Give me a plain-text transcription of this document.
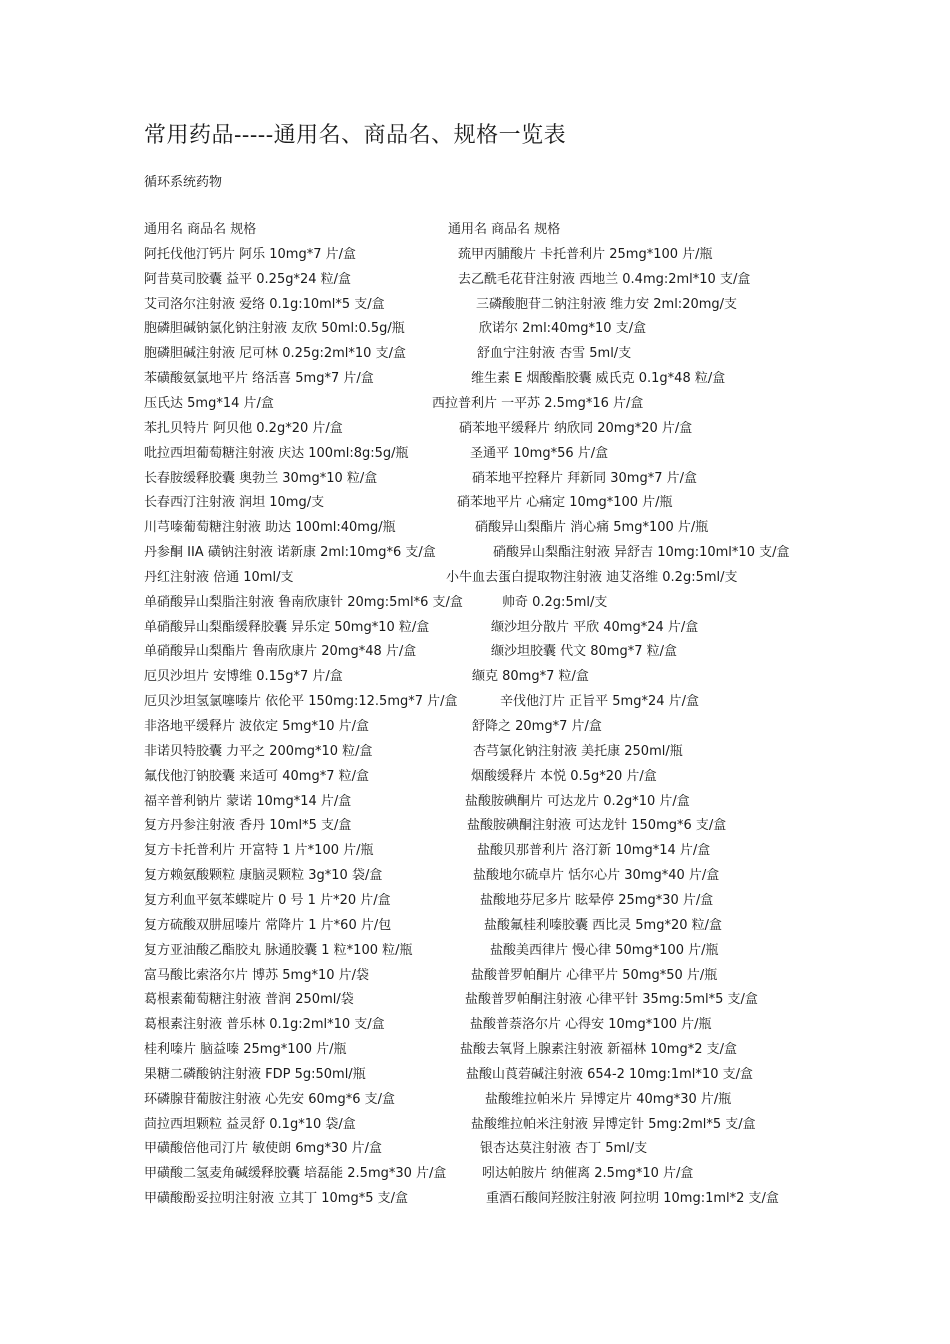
常用药品-----通用名、商品名、规格一览表
循环系统药物
通用名 商品名 规格	通用名 商品名 规格
阿托伐他汀钙片 阿乐 10mg*7 片/盒	巯甲丙脯酸片 卡托普利片 25mg*100 片/瓶
阿昔莫司胶囊 益平 0.25g*24 粒/盒	去乙酰毛花苷注射液 西地兰 0.4mg:2ml*10 支/盒
艾司洛尔注射液 爱络 0.1g:10ml*5 支/盒	三磷酸胞苷二钠注射液 维力安 2ml:20mg/支
胞磷胆碱钠氯化钠注射液 友欣 50ml:0.5g/瓶	欣诺尔 2ml:40mg*10 支/盒
胞磷胆碱注射液 尼可林 0.25g:2ml*10 支/盒	舒血宁注射液 杏雪 5ml/支
苯磺酸氨氯地平片 络活喜 5mg*7 片/盒	维生素 E 烟酸酯胶囊 威氏克 0.1g*48 粒/盒
压氏达 5mg*14 片/盒	西拉普利片 一平苏 2.5mg*16 片/盒
苯扎贝特片 阿贝他 0.2g*20 片/盒	硝苯地平缓释片 纳欣同 20mg*20 片/盒
吡拉西坦葡萄糖注射液 庆达 100ml:8g:5g/瓶	圣通平 10mg*56 片/盒
长春胺缓释胶囊 奥勃兰 30mg*10 粒/盒	硝苯地平控释片 拜新同 30mg*7 片/盒
长春西汀注射液 润坦 10mg/支	硝苯地平片 心痛定 10mg*100 片/瓶
川芎嗪葡萄糖注射液 助达 100ml:40mg/瓶	硝酸异山梨酯片 消心痛 5mg*100 片/瓶
丹参酮 IIA 磺钠注射液 诺新康 2ml:10mg*6 支/盒	硝酸异山梨酯注射液 异舒吉 10mg:10ml*10 支/盒
丹红注射液 倍通 10ml/支	小牛血去蛋白提取物注射液 迪艾洛维 0.2g:5ml/支
单硝酸异山梨脂注射液 鲁南欣康针 20mg:5ml*6 支/盒	帅奇 0.2g:5ml/支
单硝酸异山梨酯缓释胶囊 异乐定 50mg*10 粒/盒	缬沙坦分散片 平欣 40mg*24 片/盒
单硝酸异山梨酯片 鲁南欣康片 20mg*48 片/盒	缬沙坦胶囊 代文 80mg*7 粒/盒
厄贝沙坦片 安博维 0.15g*7 片/盒	缬克 80mg*7 粒/盒
厄贝沙坦氢氯噻嗪片 依伦平 150mg:12.5mg*7 片/盒	辛伐他汀片 正旨平 5mg*24 片/盒
非洛地平缓释片 波依定 5mg*10 片/盒	舒降之 20mg*7 片/盒
非诺贝特胶囊 力平之 200mg*10 粒/盒	杏芎氯化钠注射液 美托康 250ml/瓶
氟伐他汀钠胶囊 来适可 40mg*7 粒/盒	烟酸缓释片 本悦 0.5g*20 片/盒
福辛普利钠片 蒙诺 10mg*14 片/盒	盐酸胺碘酮片 可达龙片 0.2g*10 片/盒
复方丹参注射液 香丹 10ml*5 支/盒	盐酸胺碘酮注射液 可达龙针 150mg*6 支/盒
复方卡托普利片 开富特 1 片*100 片/瓶	盐酸贝那普利片 洛汀新 10mg*14 片/盒
复方赖氨酸颗粒 康脑灵颗粒 3g*10 袋/盒	盐酸地尔硫卓片 恬尔心片 30mg*40 片/盒
复方利血平氨苯蝶啶片 0 号 1 片*20 片/盒	盐酸地芬尼多片 眩晕停 25mg*30 片/盒
复方硫酸双肼屈嗪片 常降片 1 片*60 片/包	盐酸氟桂利嗪胶囊 西比灵 5mg*20 粒/盒
复方亚油酸乙酯胶丸 脉通胶囊 1 粒*100 粒/瓶	盐酸美西律片 慢心律 50mg*100 片/瓶
富马酸比索洛尔片 博苏 5mg*10 片/袋	盐酸普罗帕酮片 心律平片 50mg*50 片/瓶
葛根素葡萄糖注射液 普润 250ml/袋	盐酸普罗帕酮注射液 心律平针 35mg:5ml*5 支/盒
葛根素注射液 普乐林 0.1g:2ml*10 支/盒	盐酸普萘洛尔片 心得安 10mg*100 片/瓶
桂利嗪片 脑益嗪 25mg*100 片/瓶	盐酸去氧肾上腺素注射液 新福林 10mg*2 支/盒
果糖二磷酸钠注射液 FDP 5g:50ml/瓶	盐酸山莨菪碱注射液 654-2 10mg:1ml*10 支/盒
环磷腺苷葡胺注射液 心先安 60mg*6 支/盒	盐酸维拉帕米片 异博定片 40mg*30 片/瓶
茴拉西坦颗粒 益灵舒 0.1g*10 袋/盒	盐酸维拉帕米注射液 异博定针 5mg:2ml*5 支/盒
甲磺酸倍他司汀片 敏使朗 6mg*30 片/盒	银杏达莫注射液 杏丁 5ml/支
甲磺酸二氢麦角碱缓释胶囊 培磊能 2.5mg*30 片/盒	吲达帕胺片 纳催离 2.5mg*10 片/盒
甲磺酸酚妥拉明注射液 立其丁 10mg*5 支/盒	重酒石酸间羟胺注射液 阿拉明 10mg:1ml*2 支/盒
